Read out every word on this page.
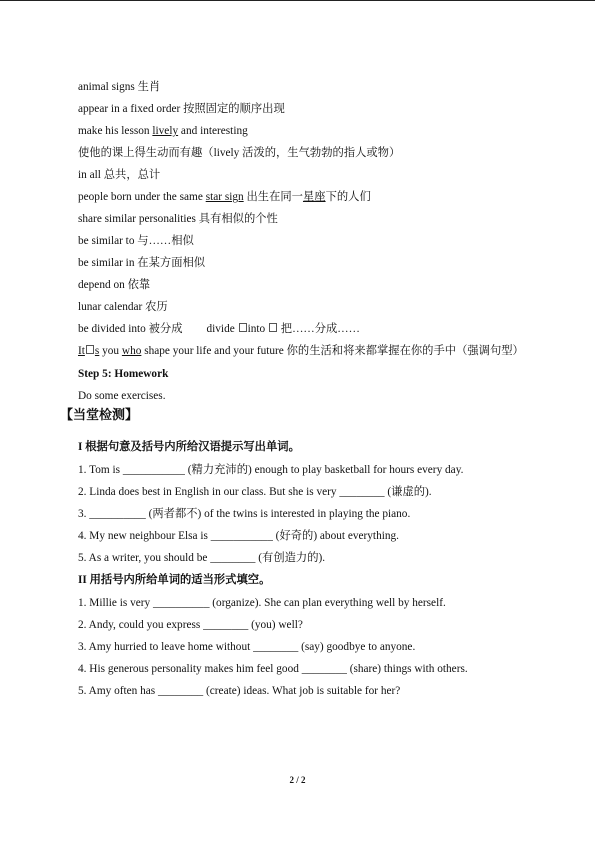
animal signs 生肖
appear in a fixed order 按照固定的顺序出现
make his lesson lively and interesting
使他的课上得生动而有趣（lively 活泼的，生气勃勃的指人或物）
in all 总共，总计
people born under the same star sign 出生在同一星座下的人们
share similar personalities 具有相似的个性
be similar to 与……相似
be similar in 在某方面相似
depend on 依靠
lunar calendar 农历
be divided into 被分成 divide into  把……分成……
It s you who shape your life and your future 你的生活和将来都掌握在你的手中（强调句型）
Step 5: Homework
Do some exercises.
【当堂检测】
I 根据句意及括号内所给汉语提示写出单词。
1. Tom is ___________ (精力充沛的) enough to play basketball for hours every day.
2. Linda does best in English in our class. But she is very ________ (谦虚的).
3. __________ (两者都不) of the twins is interested in playing the piano.
4. My new neighbour Elsa is ___________ (好奇的) about everything.
5. As a writer, you should be ________ (有创造力的).
II 用括号内所给单词的适当形式填空。
1. Millie is very __________ (organize). She can plan everything well by herself.
2. Andy, could you express ________ (you) well?
3. Amy hurried to leave home without ________ (say) goodbye to anyone.
4. His generous personality makes him feel good ________ (share) things with others.
5. Amy often has ________ (create) ideas. What job is suitable for her?
2 / 2
